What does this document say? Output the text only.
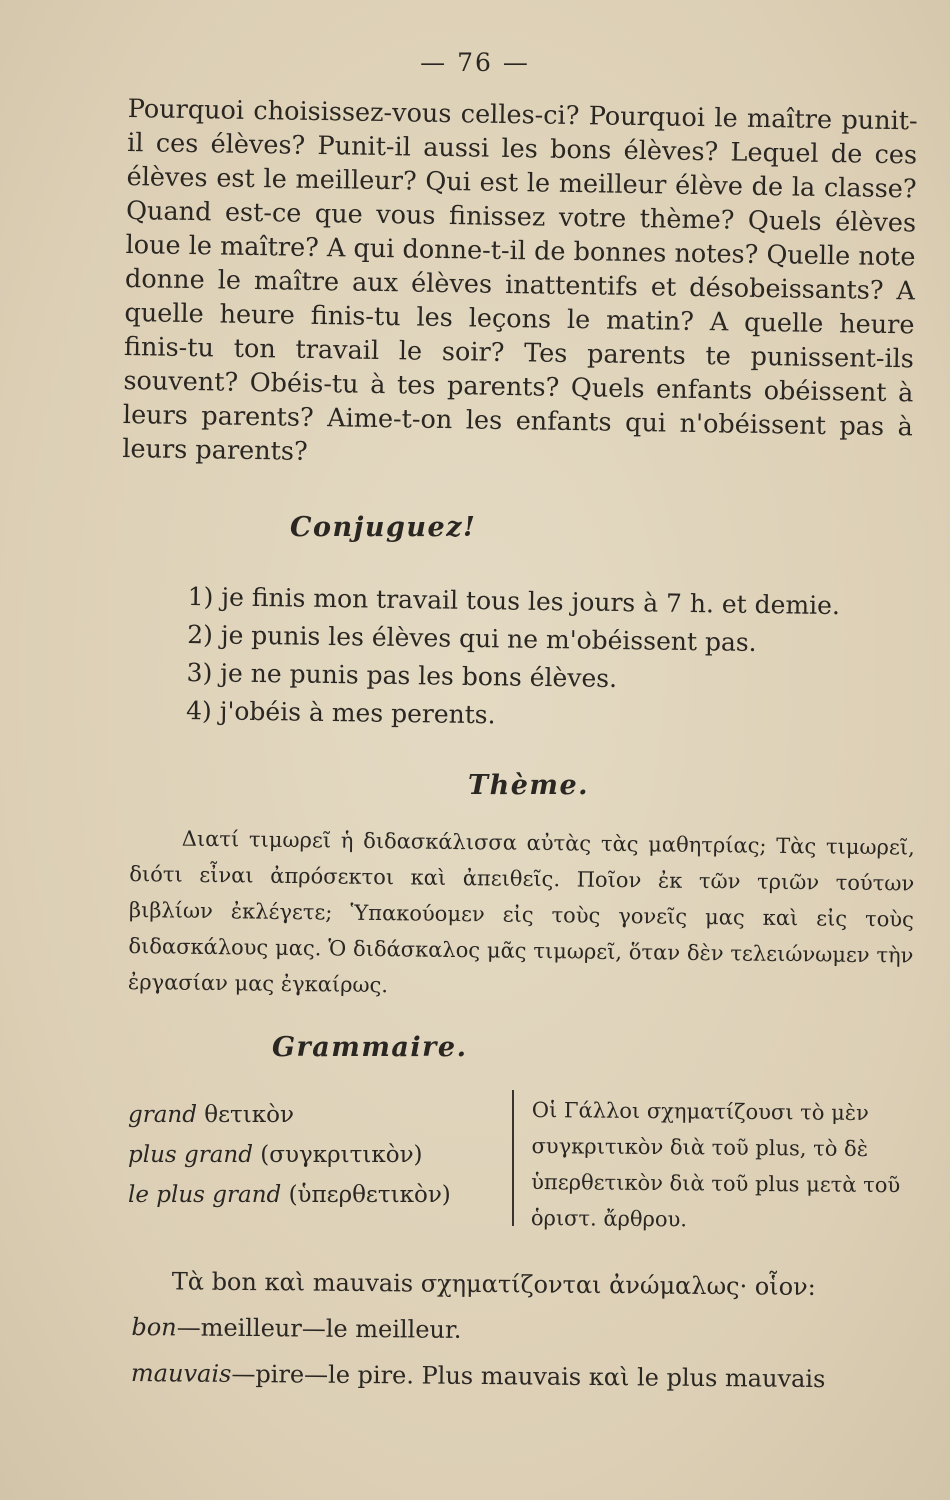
— 76 —

Pourquoi choisissez-vous celles-ci? Pourquoi le maître punit-il ces élèves? Punit-il aussi les bons élèves? Lequel de ces élèves est le meilleur? Qui est le meilleur élève de la classe? Quand est-ce que vous finissez votre thème? Quels élèves loue le maître? A qui donne-t-il de bonnes notes? Quelle note donne le maître aux élèves inattentifs et désobeissants? A quelle heure finis-tu les leçons le matin? A quelle heure finis-tu ton travail le soir? Tes parents te punissent-ils souvent? Obéis-tu à tes parents? Quels enfants obéissent à leurs parents? Aime-t-on les enfants qui n'obéissent pas à leurs parents?

Conjuguez!
1) je finis mon travail tous les jours à 7 h. et demie.
2) je punis les élèves qui ne m'obéissent pas.
3) je ne punis pas les bons élèves.
4) j'obéis à mes perents.
Thème.

Διατί τιμωρεῖ ἡ διδασκάλισσα αὐτὰς τὰς μαθητρίας; Τὰς τιμωρεῖ, διότι εἶναι ἀπρόσεκτοι καὶ ἀπειθεῖς. Ποῖον ἐκ τῶν τριῶν τούτων βιβλίων ἐκλέγετε; Ὑπακούομεν εἰς τοὺς γονεῖς μας καὶ εἰς τοὺς διδασκάλους μας. Ὁ διδάσκαλος μᾶς τιμωρεῖ, ὅταν δὲν τελειώνωμεν τὴν ἐργασίαν μας ἐγκαίρως.

Grammaire.
grand θετικὸν
plus grand (συγκριτικὸν)
le plus grand (ὑπερθετικὸν)

Οἱ Γάλλοι σχηματίζουσι τὸ μὲν συγκριτικὸν διὰ τοῦ plus, τὸ δὲ ὑπερθετικὸν διὰ τοῦ plus μετὰ τοῦ ὁριστ. ἄρθρου.

Τὰ bon καὶ mauvais σχηματίζονται ἀνώμαλως· οἷον:
bon—meilleur—le meilleur.
mauvais—pire—le pire. Plus mauvais καὶ le plus mauvais
